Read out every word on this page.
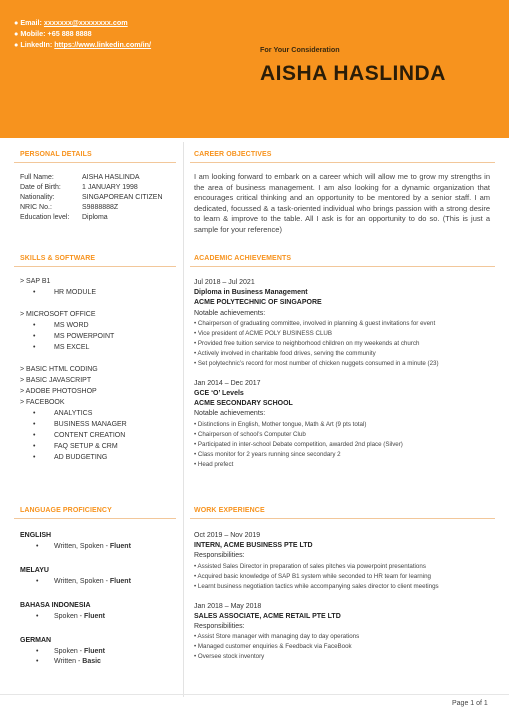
● Email: xxxxxxx@xxxxxxxx.com
● Mobile: +65 888 8888
● LinkedIn: https://www.linkedin.com/in/
For Your Consideration
AISHA HASLINDA
PERSONAL DETAILS	CAREER OBJECTIVES
SKILLS & SOFTWARE	ACADEMIC ACHIEVEMENTS
LANGUAGE PROFICIENCY	WORK EXPERIENCE
Full Name:	AISHA HASLINDA
Date of Birth:	1 JANUARY 1998
Nationality:	SINGAPOREAN CITIZEN
NRIC No.:	S9888888Z
Education level:	Diploma
I am looking forward to embark on a career which will allow me to grow my strengths in the area of business management. I am also looking for a dynamic organization that encourages critical thinking and an opportunity to be mentored by a senior staff. I am dedicated, focussed & a task-oriented individual who brings passion with a strong desire to learn & improve to the table. All I ask is for an opportunity to do so. (This is just a sample for your reference)
> SAP B1
• HR MODULE
> MICROSOFT OFFICE
• MS WORD
• MS POWERPOINT
• MS EXCEL
> BASIC HTML CODING
> BASIC JAVASCRIPT
> ADOBE PHOTOSHOP
> FACEBOOK
• ANALYTICS
• BUSINESS MANAGER
• CONTENT CREATION
• FAQ SETUP & CRM
• AD BUDGETING
Jul 2018 – Jul 2021
Diploma in Business Management
ACME POLYTECHNIC OF SINGAPORE
Notable achievements:
• Chairperson of graduating committee, involved in planning & guest invitations for event
• Vice president of ACME POLY BUSINESS CLUB
• Provided free tuition service to neighborhood children on my weekends at church
• Actively involved in charitable food drives, serving the community
• Set polytechnic’s record for most number of chicken nuggets consumed in a minute (23)
Jan 2014 – Dec 2017
GCE ‘O’ Levels
ACME SECONDARY SCHOOL
Notable achievements:
• Distinctions in English, Mother tongue, Math & Art (9 pts total)
• Chairperson of school’s Computer Club
• Participated in inter-school Debate competition, awarded 2nd place (Silver)
• Class monitor for 2 years running since secondary 2
• Head prefect
ENGLISH
• Written, Spoken - Fluent
MELAYU
• Written, Spoken - Fluent
BAHASA INDONESIA
• Spoken - Fluent
GERMAN
• Spoken - Fluent
• Written - Basic
Oct 2019 – Nov 2019
INTERN, ACME BUSINESS PTE LTD
Responsibilities:
• Assisted Sales Director in preparation of sales pitches via powerpoint presentations
• Acquired basic knowledge of SAP B1 system while seconded to HR team for learning
• Learnt business negotiation tactics while accompanying sales director to client meetings
Jan 2018 – May 2018
SALES ASSOCIATE, ACME RETAIL PTE LTD
Responsibilities:
• Assist Store manager with managing day to day operations
• Managed customer enquiries & Feedback via FaceBook
• Oversee stock inventory
Page 1 of 1
